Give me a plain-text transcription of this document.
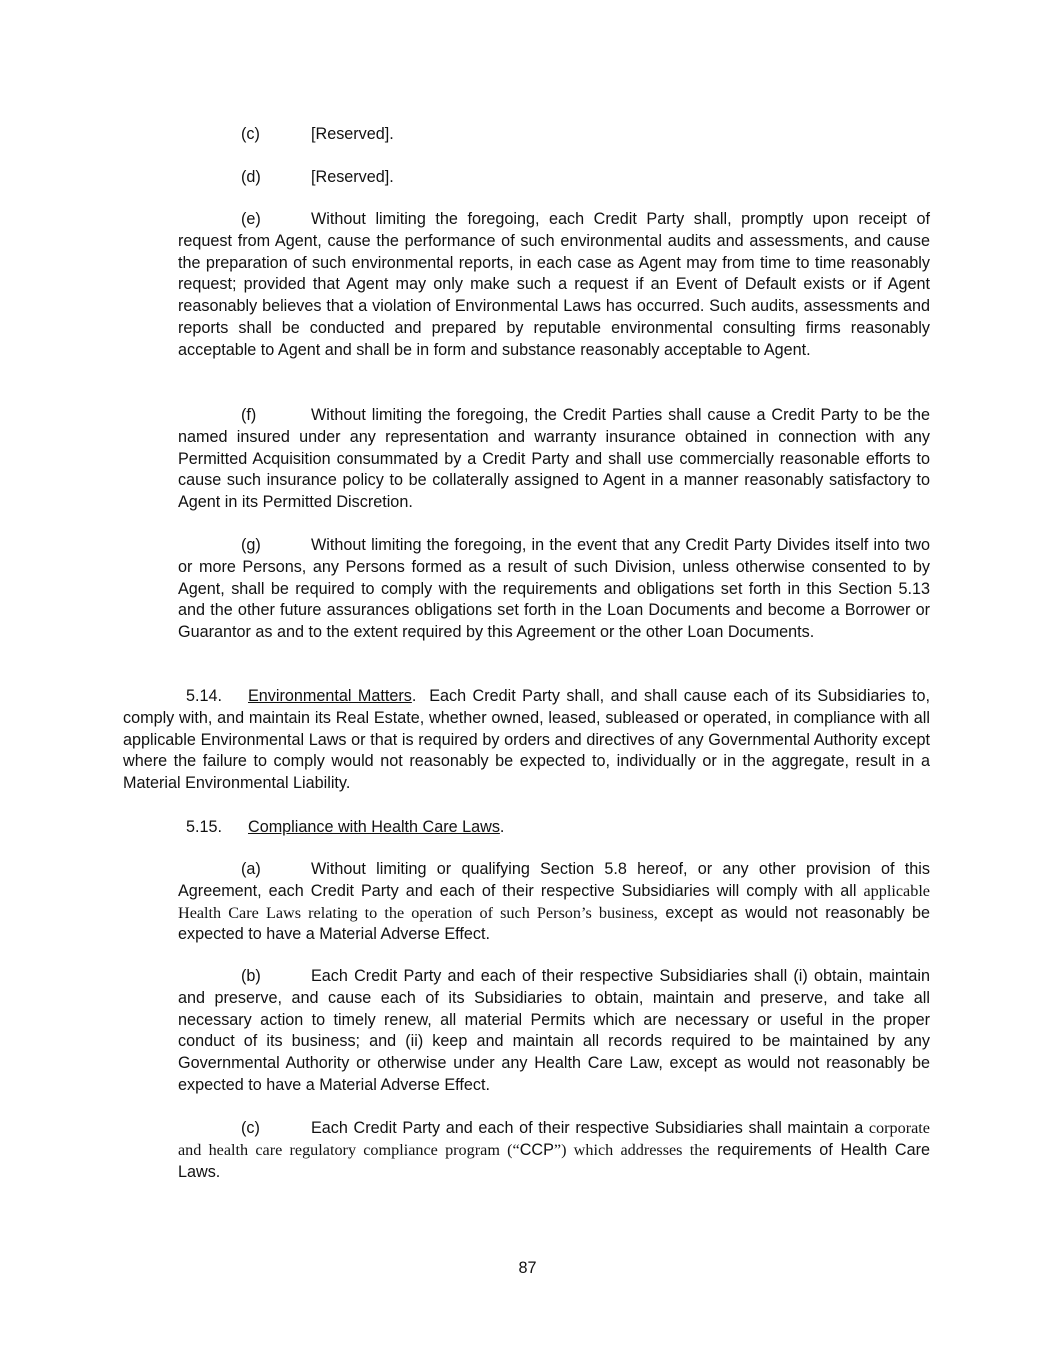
(c)	[Reserved].

(d)	[Reserved].

(e)	Without limiting the foregoing, each Credit Party shall, promptly upon receipt of request from Agent, cause the performance of such environmental audits and assessments, and cause the preparation of such environmental reports, in each case as Agent may from time to time reasonably request; provided that Agent may only make such a request if an Event of Default exists or if Agent reasonably believes that a violation of Environmental Laws has occurred. Such audits, assessments and reports shall be conducted and prepared by reputable environmental consulting firms reasonably acceptable to Agent and shall be in form and substance reasonably acceptable to Agent.

(f)	Without limiting the foregoing, the Credit Parties shall cause a Credit Party to be the named insured under any representation and warranty insurance obtained in connection with any Permitted Acquisition consummated by a Credit Party and shall use commercially reasonable efforts to cause such insurance policy to be collaterally assigned to Agent in a manner reasonably satisfactory to Agent in its Permitted Discretion.

(g)	Without limiting the foregoing, in the event that any Credit Party Divides itself into two or more Persons, any Persons formed as a result of such Division, unless otherwise consented to by Agent, shall be required to comply with the requirements and obligations set forth in this Section 5.13 and the other future assurances obligations set forth in the Loan Documents and become a Borrower or Guarantor as and to the extent required by this Agreement or the other Loan Documents.

5.14. Environmental Matters. Each Credit Party shall, and shall cause each of its Subsidiaries to, comply with, and maintain its Real Estate, whether owned, leased, subleased or operated, in compliance with all applicable Environmental Laws or that is required by orders and directives of any Governmental Authority except where the failure to comply would not reasonably be expected to, individually or in the aggregate, result in a Material Environmental Liability.

5.15. Compliance with Health Care Laws.

(a)	Without limiting or qualifying Section 5.8 hereof, or any other provision of this Agreement, each Credit Party and each of their respective Subsidiaries will comply with all applicable Health Care Laws relating to the operation of such Person’s business, except as would not reasonably be expected to have a Material Adverse Effect.

(b)	Each Credit Party and each of their respective Subsidiaries shall (i) obtain, maintain and preserve, and cause each of its Subsidiaries to obtain, maintain and preserve, and take all necessary action to timely renew, all material Permits which are necessary or useful in the proper conduct of its business; and (ii) keep and maintain all records required to be maintained by any Governmental Authority or otherwise under any Health Care Law, except as would not reasonably be expected to have a Material Adverse Effect.

(c)	Each Credit Party and each of their respective Subsidiaries shall maintain a corporate and health care regulatory compliance program (“CCP”) which addresses the requirements of Health Care Laws.

87
